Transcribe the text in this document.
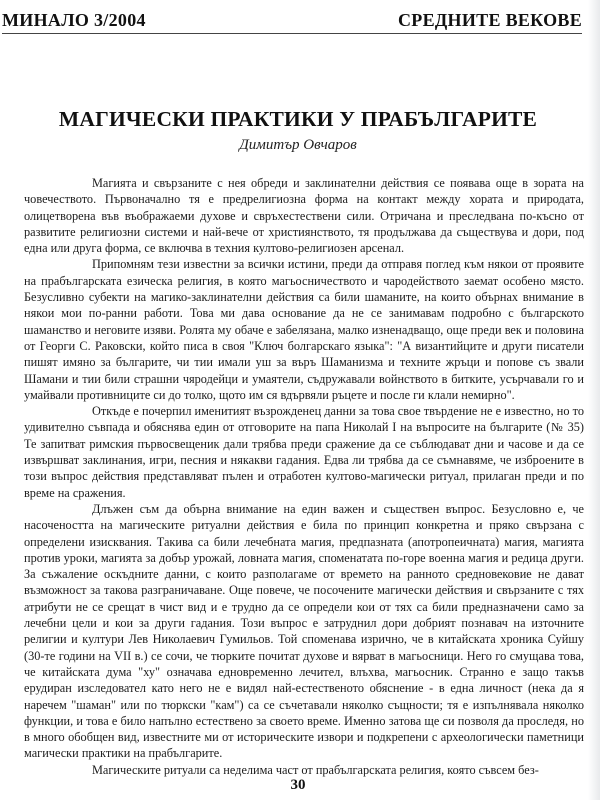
МИНАЛО 3/2004	СРЕДНИТЕ ВЕКОВЕ
МАГИЧЕСКИ ПРАКТИКИ У ПРАБЪЛГАРИТЕ
Димитър Овчаров

Магията и свързаните с нея обреди и заклинателни действия се появава още в зората на човечеството. Първоначално тя е предрелигиозна форма на контакт между хората и природата, олицетворена във въображаеми духове и свръхестествени сили. Отричана и преследвана по-късно от развитите религиозни системи и най-вече от християнството, тя продължава да съществува и дори, под една или друга форма, се включва в техния култово-религиозен арсенал.

Припомням тези известни за всички истини, преди да отправя поглед към някои от проявите на прабългарската езическа религия, в която магьосничеството и чародейството заемат особено място. Безусливно субекти на магико-заклинателни действия са били шаманите, на които обърнах внимание в някои мои по-ранни работи. Това ми дава основание да не се занимавам подробно с българското шаманство и неговите изяви. Ролята му обаче е забелязана, малко изненадващо, още преди век и половина от Георги С. Раковски, който писа в своя "Ключ болгарскаго языка": "А византийците и други писатели пишят имяно за българите, чи тии имали уш за въръ Шаманизма и техните жръци и попове съ звали Шамани и тии били страшни чяродейци и умаятели, съдружавали войнството в битките, усърчавали го и умайвали противниците си до толко, щото им ся вдървяли ръцете и после ги клали немирно".

Откъде е почерпил именитият възрожденец данни за това свое твърдение не е известно, но то удивително съвпада и обяснява един от отговорите на папа Николай I на въпросите на българите (№ 35) Те запитват римския първосвещеник дали трябва преди сражение да се съблюдават дни и часове и да се извършват заклинания, игри, песния и някакви гадания. Едва ли трябва да се съмнавяме, че изброените в този въпрос действия представляват пълен и отработен култово-магически ритуал, прилаган преди и по време на сражения.

Длъжен съм да обърна внимание на един важен и съществен въпрос. Безусловно е, че насочеността на магическите ритуални действия е била по принцип конкретна и пряко свързана с определени изисквания. Такива са били лечебната магия, предпазната (апотропеичната) магия, магията против уроки, магията за добър урожай, ловната магия, споменатата по-горе военна магия и редица други. За съжаление оскъдните данни, с които разполагаме от времето на ранното средновековие не дават възможност за такова разграничаване. Още повече, че посочените магически действия и свързаните с тях атрибути не се срещат в чист вид и е трудно да се определи кои от тях са били предназначени само за лечебни цели и кои за други гадания. Този въпрос е затруднил дори добрият познавач на източните религии и култури Лев Николаевич Гумильов. Той споменава изрично, че в китайската хроника Суйшу (30-те години на VII в.) се сочи, че тюрките почитат духове и вярват в магьосници. Него го смущава това, че китайската дума "ху" означава едновременно лечител, влъхва, магьосник. Странно е защо такъв ерудиран изследовател като него не е видял най-естественото обяснение - в една личност (нека да я наречем "шаман" или по тюркски "кам") са се съчетавали няколко същности; тя е изпълнявала няколко функции, и това е било напълно естествено за своето време. Именно затова ще си позволя да проследя, но в много обобщен вид, известните ми от историческите извори и подкрепени с археологически паметници магически практики на прабългарите.

Магическите ритуали са неделима част от прабългарската религия, която съвсем без-

30
